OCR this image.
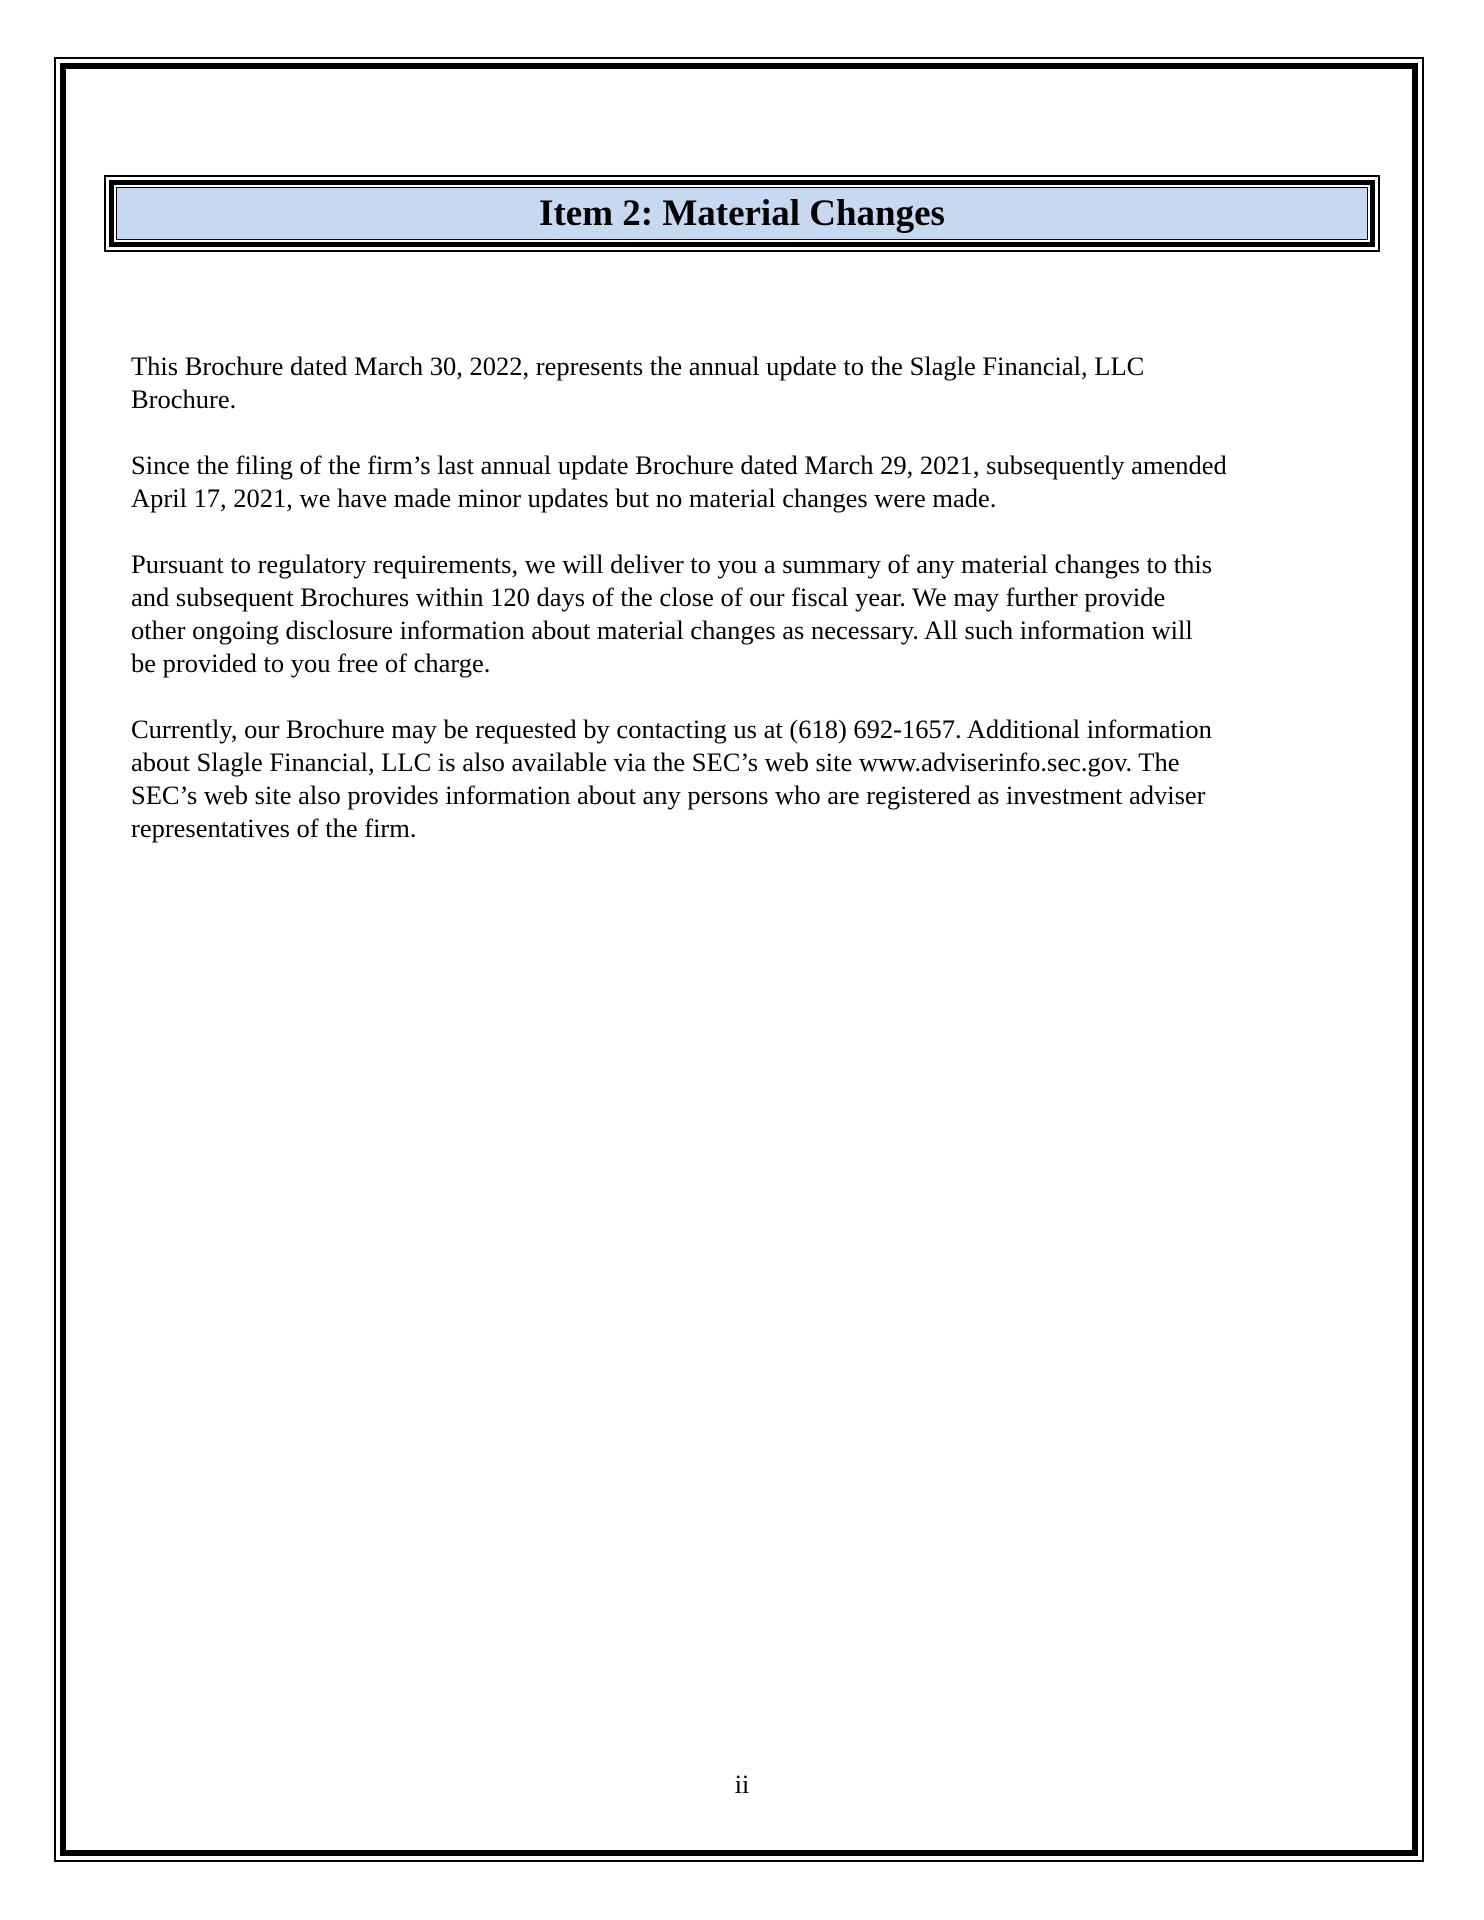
Item 2: Material Changes

This Brochure dated March 30, 2022, represents the annual update to the Slagle Financial, LLC
Brochure.

Since the filing of the firm’s last annual update Brochure dated March 29, 2021, subsequently amended
April 17, 2021, we have made minor updates but no material changes were made.

Pursuant to regulatory requirements, we will deliver to you a summary of any material changes to this
and subsequent Brochures within 120 days of the close of our fiscal year. We may further provide
other ongoing disclosure information about material changes as necessary. All such information will
be provided to you free of charge.

Currently, our Brochure may be requested by contacting us at (618) 692-1657. Additional information
about Slagle Financial, LLC is also available via the SEC’s web site www.adviserinfo.sec.gov. The
SEC’s web site also provides information about any persons who are registered as investment adviser
representatives of the firm.

ii
